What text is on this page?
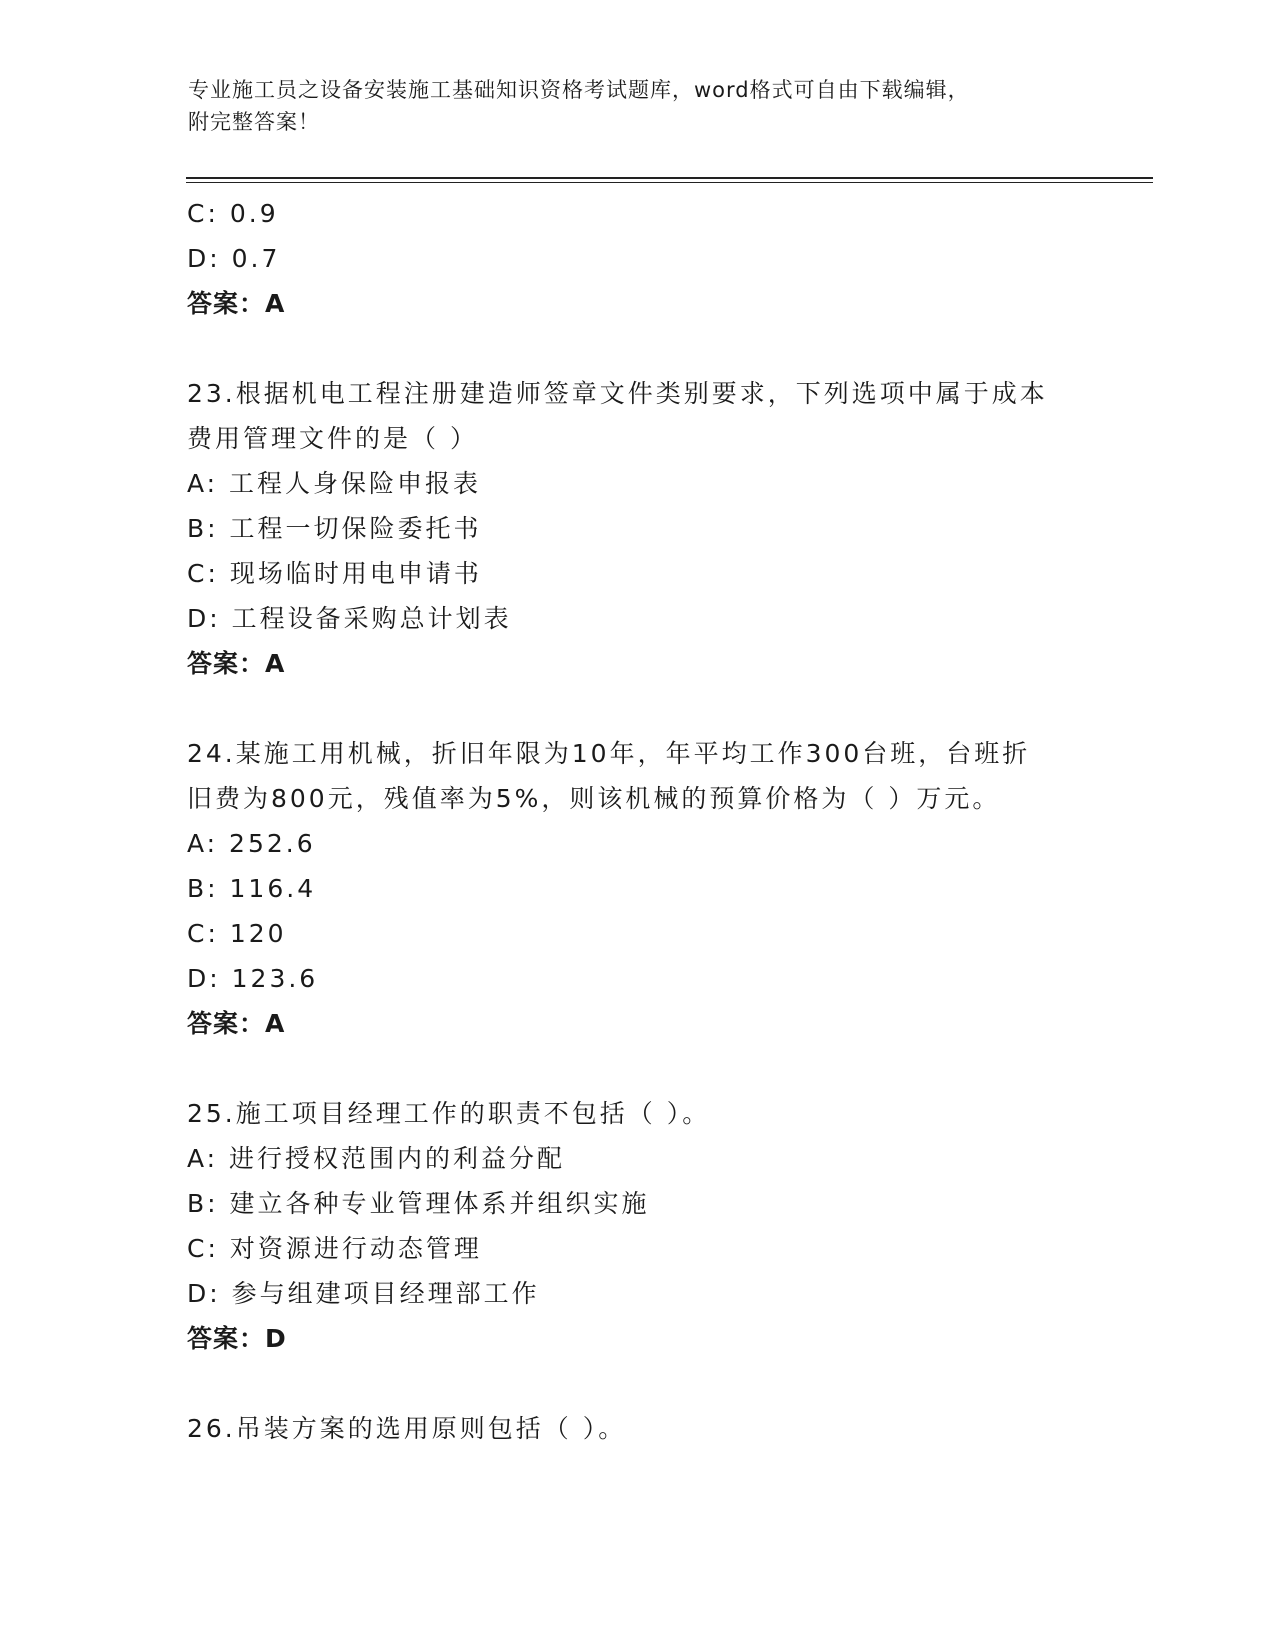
专业施工员之设备安装施工基础知识资格考试题库，word格式可自由下载编辑，
附完整答案！
C: 0.9
D: 0.7
答案：A
23.根据机电工程注册建造师签章文件类别要求，下列选项中属于成本
费用管理文件的是（ ）
A: 工程人身保险申报表
B: 工程一切保险委托书
C: 现场临时用电申请书
D: 工程设备采购总计划表
答案：A
24.某施工用机械，折旧年限为10年，年平均工作300台班，台班折
旧费为800元，残值率为5%，则该机械的预算价格为（ ）万元。
A: 252.6
B: 116.4
C: 120
D: 123.6
答案：A
25.施工项目经理工作的职责不包括（ ）。
A: 进行授权范围内的利益分配
B: 建立各种专业管理体系并组织实施
C: 对资源进行动态管理
D: 参与组建项目经理部工作
答案：D
26.吊装方案的选用原则包括（ ）。
